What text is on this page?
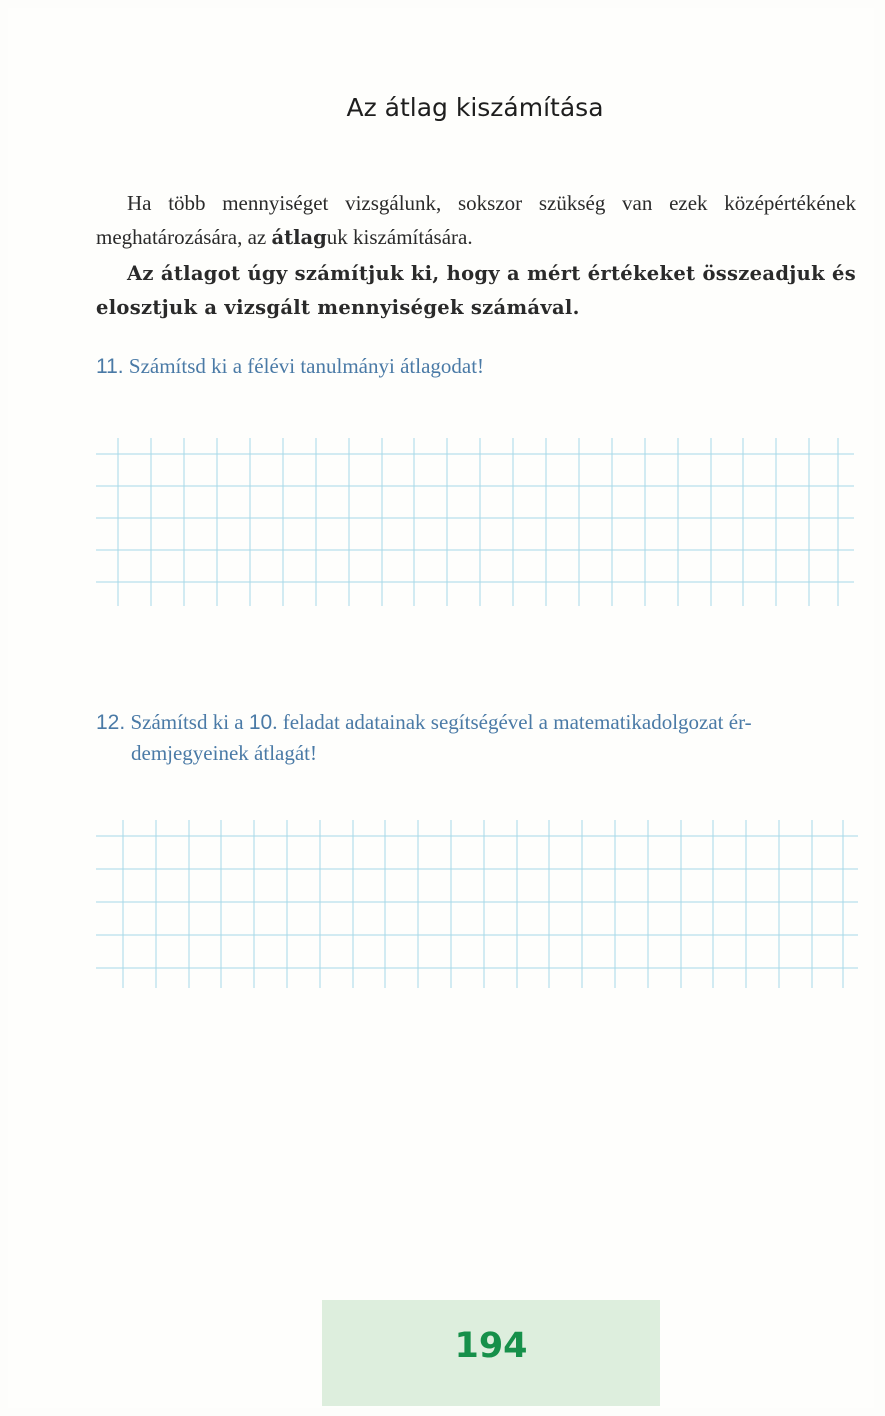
Az átlag kiszámítása

Ha több mennyiséget vizsgálunk, sokszor szükség van ezek középértékének meghatározására, az átlaguk kiszámítására.

Az átlagot úgy számítjuk ki, hogy a mért értékeket összeadjuk és elosztjuk a vizsgált mennyiségek számával.

11. Számítsd ki a félévi tanulmányi átlagodat!
12. Számítsd ki a 10. feladat adatainak segítségével a matematikadolgozat ér-
demjegyeinek átlagát!
194
